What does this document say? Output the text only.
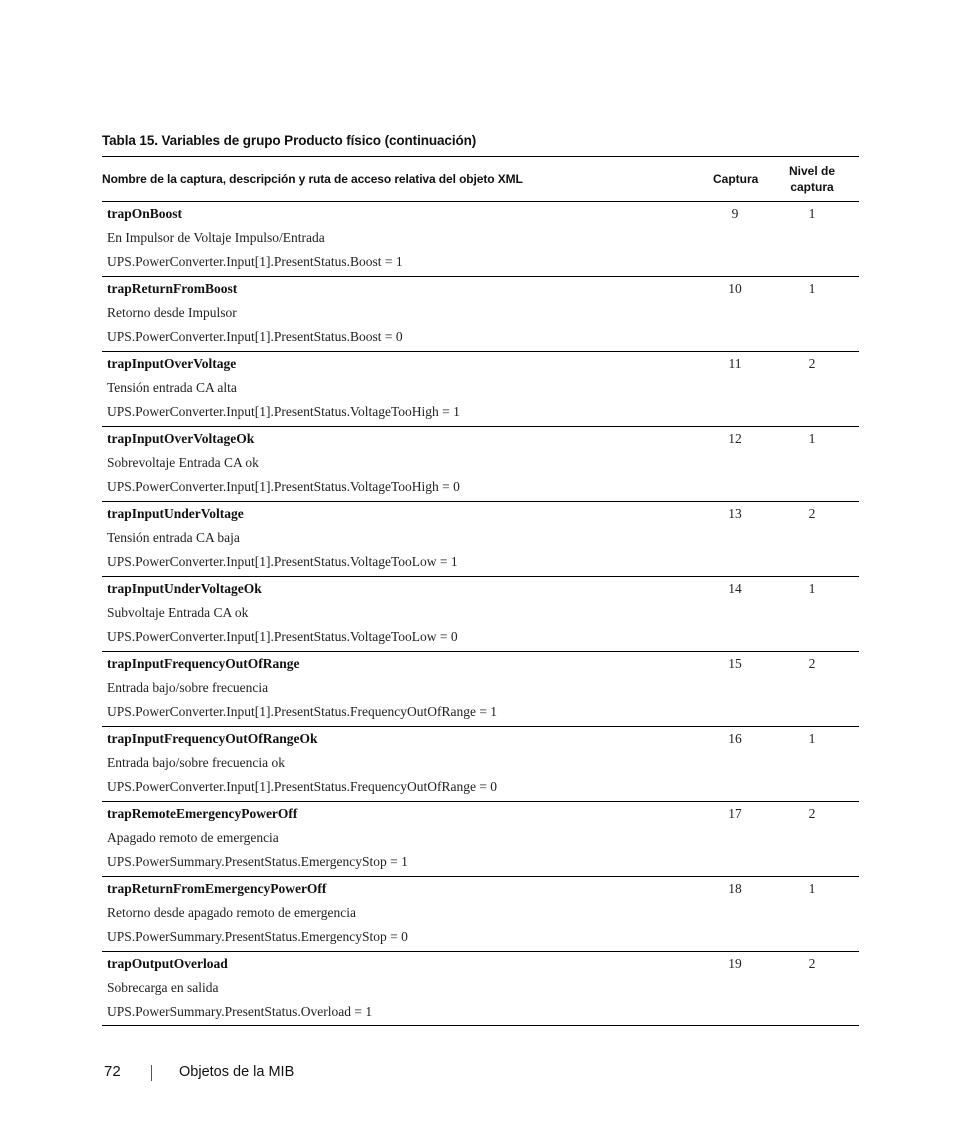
Tabla 15. Variables de grupo Producto físico (continuación)
Nombre de la captura, descripción y ruta de acceso relativa del objeto XML	Captura
Nivel de
captura
trapOnBoost
En Impulsor de Voltaje Impulso/Entrada
UPS.PowerConverter.Input[1].PresentStatus.Boost = 1
9	1
trapReturnFromBoost
Retorno desde Impulsor
UPS.PowerConverter.Input[1].PresentStatus.Boost = 0
10	1
trapInputOverVoltage
Tensión entrada CA alta
UPS.PowerConverter.Input[1].PresentStatus.VoltageTooHigh = 1
11	2
trapInputOverVoltageOk
Sobrevoltaje Entrada CA ok
UPS.PowerConverter.Input[1].PresentStatus.VoltageTooHigh = 0
12	1
trapInputUnderVoltage
Tensión entrada CA baja
UPS.PowerConverter.Input[1].PresentStatus.VoltageTooLow = 1
13	2
trapInputUnderVoltageOk
Subvoltaje Entrada CA ok
UPS.PowerConverter.Input[1].PresentStatus.VoltageTooLow = 0
14	1
trapInputFrequencyOutOfRange
Entrada bajo/sobre frecuencia
UPS.PowerConverter.Input[1].PresentStatus.FrequencyOutOfRange = 1
15	2
trapInputFrequencyOutOfRangeOk
Entrada bajo/sobre frecuencia ok
UPS.PowerConverter.Input[1].PresentStatus.FrequencyOutOfRange = 0
16	1
trapRemoteEmergencyPowerOff
Apagado remoto de emergencia
UPS.PowerSummary.PresentStatus.EmergencyStop = 1
17	2
trapReturnFromEmergencyPowerOff
Retorno desde apagado remoto de emergencia
UPS.PowerSummary.PresentStatus.EmergencyStop = 0
18	1
trapOutputOverload
Sobrecarga en salida
UPS.PowerSummary.PresentStatus.Overload = 1
19	2
72	Objetos de la MIB
